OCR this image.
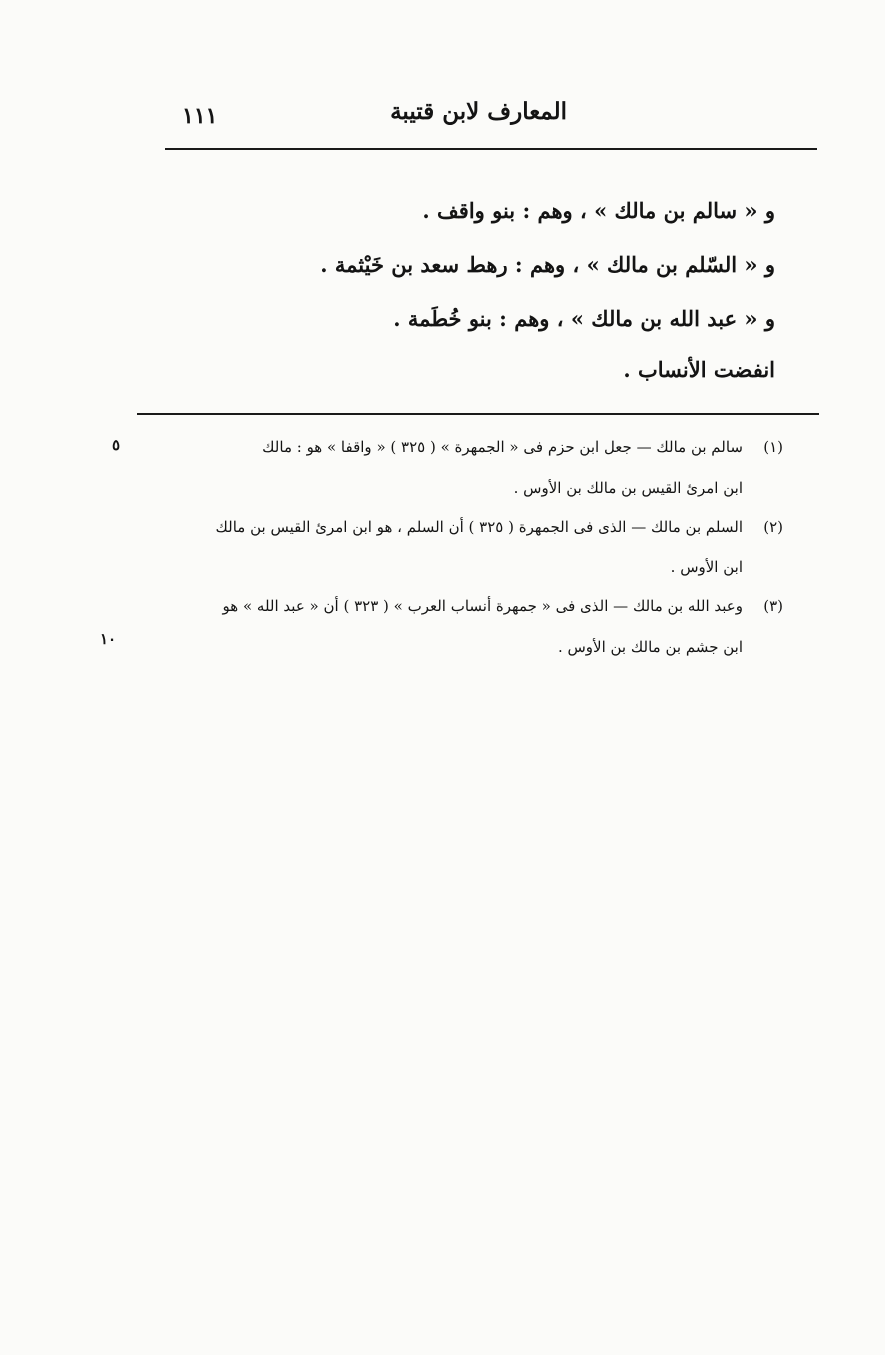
المعارف لابن قتيبة
١١١
و « سالم بن مالك » ، وهم : بنو واقف .
و « السّلم بن مالك » ، وهم : رهط سعد بن خَيْثمة .
و « عبد الله بن مالك » ، وهم : بنو خُطَمة .
انفضت الأنساب .
(١)
سالم بن مالك — جعل ابن حزم فى « الجمهرة » ( ٣٢٥ ) « واقفا » هو : مالك
ابن امرئ القيس بن مالك بن الأوس .
(٢)
السلم بن مالك — الذى فى الجمهرة ( ٣٢٥ ) أن السلم ، هو ابن امرئ القيس بن مالك
ابن الأوس .
(٣)
وعبد الله بن مالك — الذى فى « جمهرة أنساب العرب » ( ٣٢٣ ) أن « عبد الله » هو
ابن جشم بن مالك بن الأوس .
٥
١٠
